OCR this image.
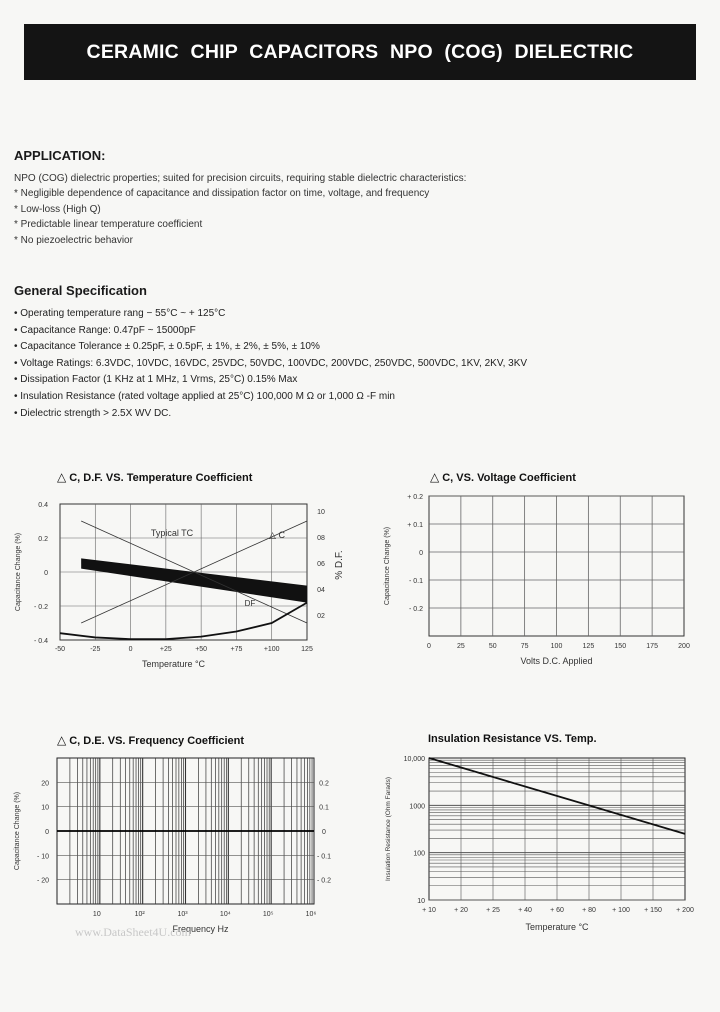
CERAMIC CHIP CAPACITORS NPO (COG) DIELECTRIC
APPLICATION:
NPO (COG) dielectric properties; suited for precision circuits, requiring stable dielectric characteristics:
* Negligible dependence of capacitance and dissipation factor on time, voltage, and frequency
* Low-loss (High Q)
* Predictable linear temperature coefficient
* No piezoelectric behavior
General Specification
• Operating temperature rang − 55°C ~ + 125°C
• Capacitance Range: 0.47pF ~ 15000pF
• Capacitance Tolerance ± 0.25pF, ± 0.5pF, ± 1%, ± 2%, ± 5%, ± 10%
• Voltage Ratings: 6.3VDC, 10VDC, 16VDC, 25VDC, 50VDC, 100VDC, 200VDC, 250VDC, 500VDC, 1KV, 2KV, 3KV
• Dissipation Factor (1 KHz at 1 MHz, 1 Vrms, 25°C) 0.15% Max
• Insulation Resistance (rated voltage applied at 25°C) 100,000 M Ω or 1,000 Ω -F min
• Dielectric strength > 2.5X WV DC.
△ C, D.F. VS. Temperature Coefficient	△ C, VS. Voltage Coefficient
△ C, D.E. VS. Frequency Coefficient	Insulation Resistance VS. Temp.
-50	-25	0	+25	+50	+75	+100	125
0.4
0.2
0
- 0.2
- 0.4
10
08
06
04
02
Temperature °C
Capacitance Change (%)	% D.F.
Typical TC	△ C
DF
0	25	50	75	100	125	150	175	200
+ 0.2
+ 0.1
0
- 0.1
- 0.2
Volts D.C. Applied
Capacitance Change (%)
20
10
0
- 10
- 20
0.2
0.1
0
- 0.1
- 0.2
10	10²	10³	10⁴	10⁵	10⁶
Frequency Hz
Capacitance Change (%)
10,000
1000
100
10
+ 10	+ 20	+ 25	+ 40	+ 60	+ 80 + 100 + 150 + 200
Temperature °C
Insulation Resistance (Ohm Farads)
www.DataSheet4U.com
